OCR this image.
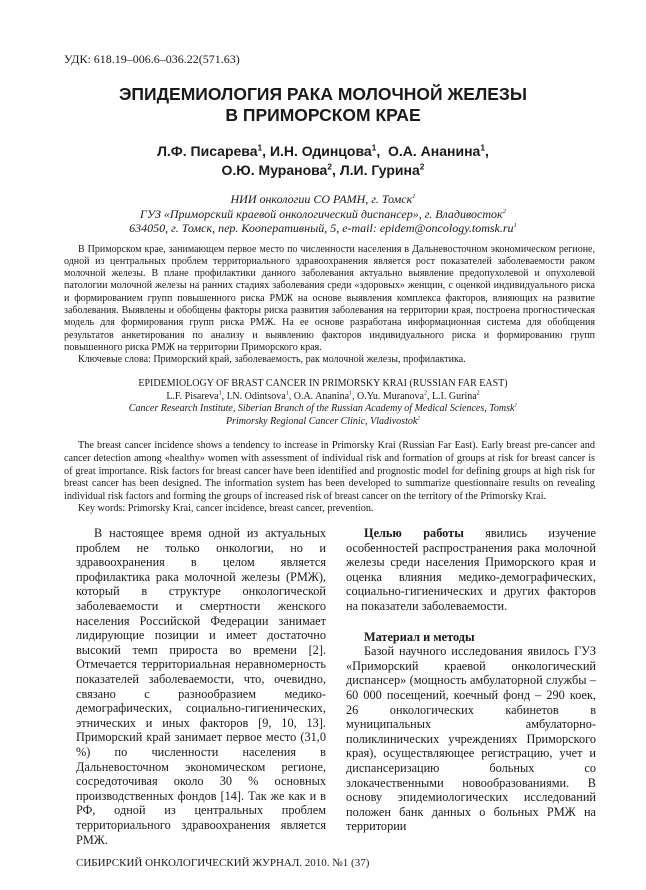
УДК: 618.19–006.6–036.22(571.63)
ЭПИДЕМИОЛОГИЯ РАКА МОЛОЧНОЙ ЖЕЛЕЗЫ
В ПРИМОРСКОМ КРАЕ
Л.Ф. Писарева$^1$, И.Н. Одинцова$^1$,  О.А. Ананина$^1$,
О.Ю. Муранова$^2$, Л.И. Гурина$^2$
НИИ онкологии СО РАМН, г. Томск$^1$
ГУЗ «Приморский краевой онкологический диспансер», г. Владивосток$^2$
634050, г. Томск, пер. Кооперативный, 5, e-mail: $epidem@oncology.tomsk.ru^1$

В Приморском крае, занимающем первое место по численности населения в Дальневосточном экономическом регионе, одной из центральных проблем территориального здравоохранения является рост показателей заболеваемости раком молочной железы. В плане профилактики данного заболевания актуально выявление предопухолевой и опухолевой патологии молочной железы на ранних стадиях заболевания среди «здоровых» женщин, с оценкой индивидуального риска и формированием групп повышенного риска РМЖ на основе выявления комплекса факторов, влияющих на развитие заболевания. Выявлены и обобщены факторы риска развития заболевания на территории края, построена прогностическая модель для формирования групп риска РМЖ. На ее основе разработана информационная система для обобщения результатов анкетирования по анализу и выявлению факторов индивидуального риска и формированию групп повышенного риска РМЖ на территории Приморского края.

Ключевые слова: Приморский край, заболеваемость, рак молочной железы, профилактика.

EPIDEMIOLOGY OF BRAST CANCER IN PRIMORSKY KRAI (RUSSIAN FAR EAST)
L.F. Pisareva$^1$, I.N. Odintsova$^1$, O.A. Ananina$^1$, O.Yu. Muranova$^2$, L.I. Gurina$^2$
Cancer Research Institute, Siberian Branch of the Russian Academy of Medical Sciences, Tomsk$^1$
Primorsky Regional Cancer Clinic, Vladivostok$^2$

The breast cancer incidence shows a tendency to increase in Primorsky Krai (Russian Far East). Early breast pre-cancer and cancer detection among «healthy» women with assessment of individual risk and formation of groups at risk for breast cancer is of great importance. Risk factors for breast cancer have been identified and prognostic model for defining groups at high risk for breast cancer has been designed. The information system has been developed to summarize questionnaire results on revealing individual risk factors and forming the groups of increased risk of breast cancer on the territory of the Primorsky Krai.

Key words: Primorsky Krai, cancer incidence, breast cancer, prevention.

В настоящее время одной из актуальных проблем не только онкологии, но и здравоохранения в целом является профилактика рака молочной железы (РМЖ), который в структуре онкологической заболеваемости и смертности женского населения Российской Федерации занимает лидирующие позиции и имеет достаточно высокий темп прироста во времени [2]. Отмечается территориальная неравномерность показателей заболеваемости, что, очевидно, связано с разнообразием медико-демографических, социально-гигиенических, этнических и иных факторов [9, 10, 13]. Приморский край занимает первое место (31,0 %) по численности населения в Дальневосточном экономическом регионе, сосредоточивая около 30 % основных производственных фондов [14]. Так же как и в РФ, одной из центральных проблем территориального здравоохранения является РМЖ.

Целью работы явились изучение особенностей распространения рака молочной железы среди населения Приморского края и оценка влияния медико-демографических, социально-гигиенических и других факторов на показатели заболеваемости.

Материал и методы

Базой научного исследования явилось ГУЗ «Приморский краевой онкологический диспансер» (мощность амбулаторной службы – 60 000 посещений, коечный фонд – 290 коек, 26 онкологических кабинетов в муниципальных амбулаторно-поликлинических учреждениях Приморского края), осуществляющее регистрацию, учет и диспансеризацию больных со злокачественными новообразованиями. В основу эпидемиологических исследований положен банк данных о больных РМЖ на территории

СИБИРСКИЙ ОНКОЛОГИЧЕСКИЙ ЖУРНАЛ. 2010. №1 (37)
